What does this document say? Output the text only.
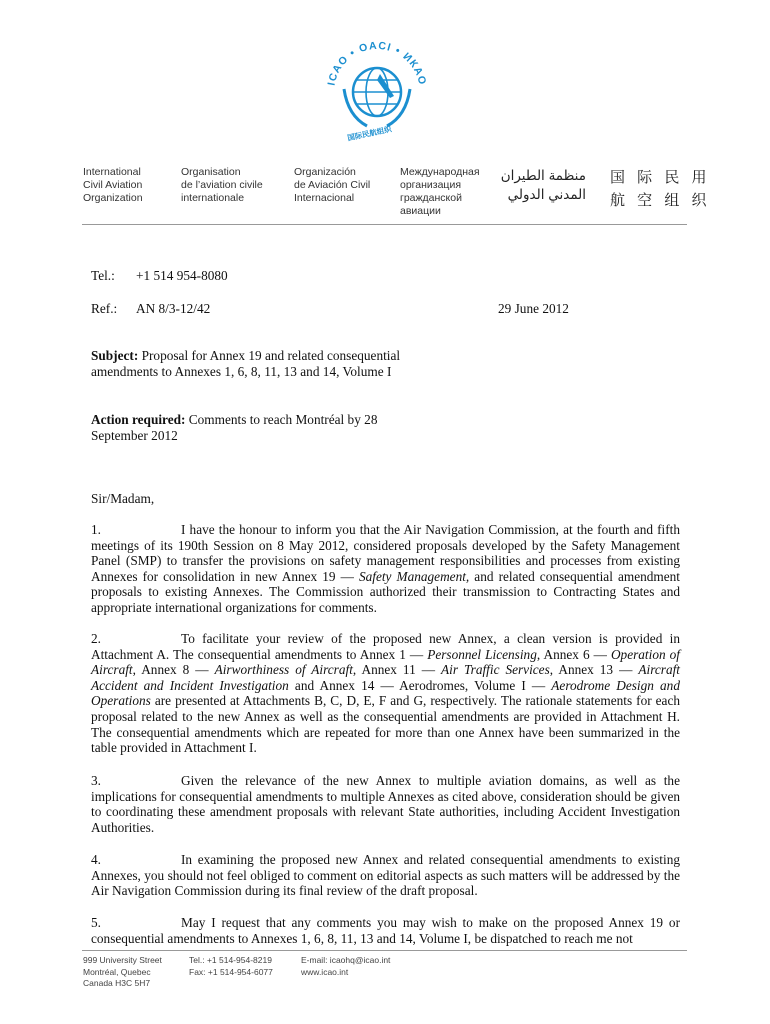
ICAO • OACI • ИКАО
国际民航组织
International
Civil Aviation
Organization
Organisation
de l’aviation civile
internationale
Organización
de Aviación Civil
Internacional
Международная
организация
гражданской
авиации
منظمة الطيران
المدني الدولي
国 际 民 用
航 空 组 织
Tel.: +1 514 954-8080
Ref.: AN 8/3-12/42	29 June 2012
Subject: Proposal for Annex 19 and related consequential amendments to Annexes 1, 6, 8, 11, 13 and 14, Volume I
Action required: Comments to reach Montréal by 28 September 2012
Sir/Madam,
1.	I have the honour to inform you that the Air Navigation Commission, at the fourth and fifth meetings of its 190th Session on 8 May 2012, considered proposals developed by the Safety Management Panel (SMP) to transfer the provisions on safety management responsibilities and processes from existing Annexes for consolidation in new Annex 19 — Safety Management, and related consequential amendment proposals to existing Annexes. The Commission authorized their transmission to Contracting States and appropriate international organizations for comments.
2.	To facilitate your review of the proposed new Annex, a clean version is provided in Attachment A. The consequential amendments to Annex 1 — Personnel Licensing, Annex 6 — Operation of Aircraft, Annex 8 — Airworthiness of Aircraft, Annex 11 — Air Traffic Services, Annex 13 — Aircraft Accident and Incident Investigation and Annex 14 — Aerodromes, Volume I — Aerodrome Design and Operations are presented at Attachments B, C, D, E, F and G, respectively. The rationale statements for each proposal related to the new Annex as well as the consequential amendments are provided in Attachment H. The consequential amendments which are repeated for more than one Annex have been summarized in the table provided in Attachment I.
3.	Given the relevance of the new Annex to multiple aviation domains, as well as the implications for consequential amendments to multiple Annexes as cited above, consideration should be given to coordinating these amendment proposals with relevant State authorities, including Accident Investigation Authorities.
4.	In examining the proposed new Annex and related consequential amendments to existing Annexes, you should not feel obliged to comment on editorial aspects as such matters will be addressed by the Air Navigation Commission during its final review of the draft proposal.
5.	May I request that any comments you may wish to make on the proposed Annex 19 or consequential amendments to Annexes 1, 6, 8, 11, 13 and 14, Volume I, be dispatched to reach me not
999 University Street
Montréal, Quebec
Canada H3C 5H7
Tel.: +1 514-954-8219
Fax: +1 514-954-6077
E-mail: icaohq@icao.int
www.icao.int
